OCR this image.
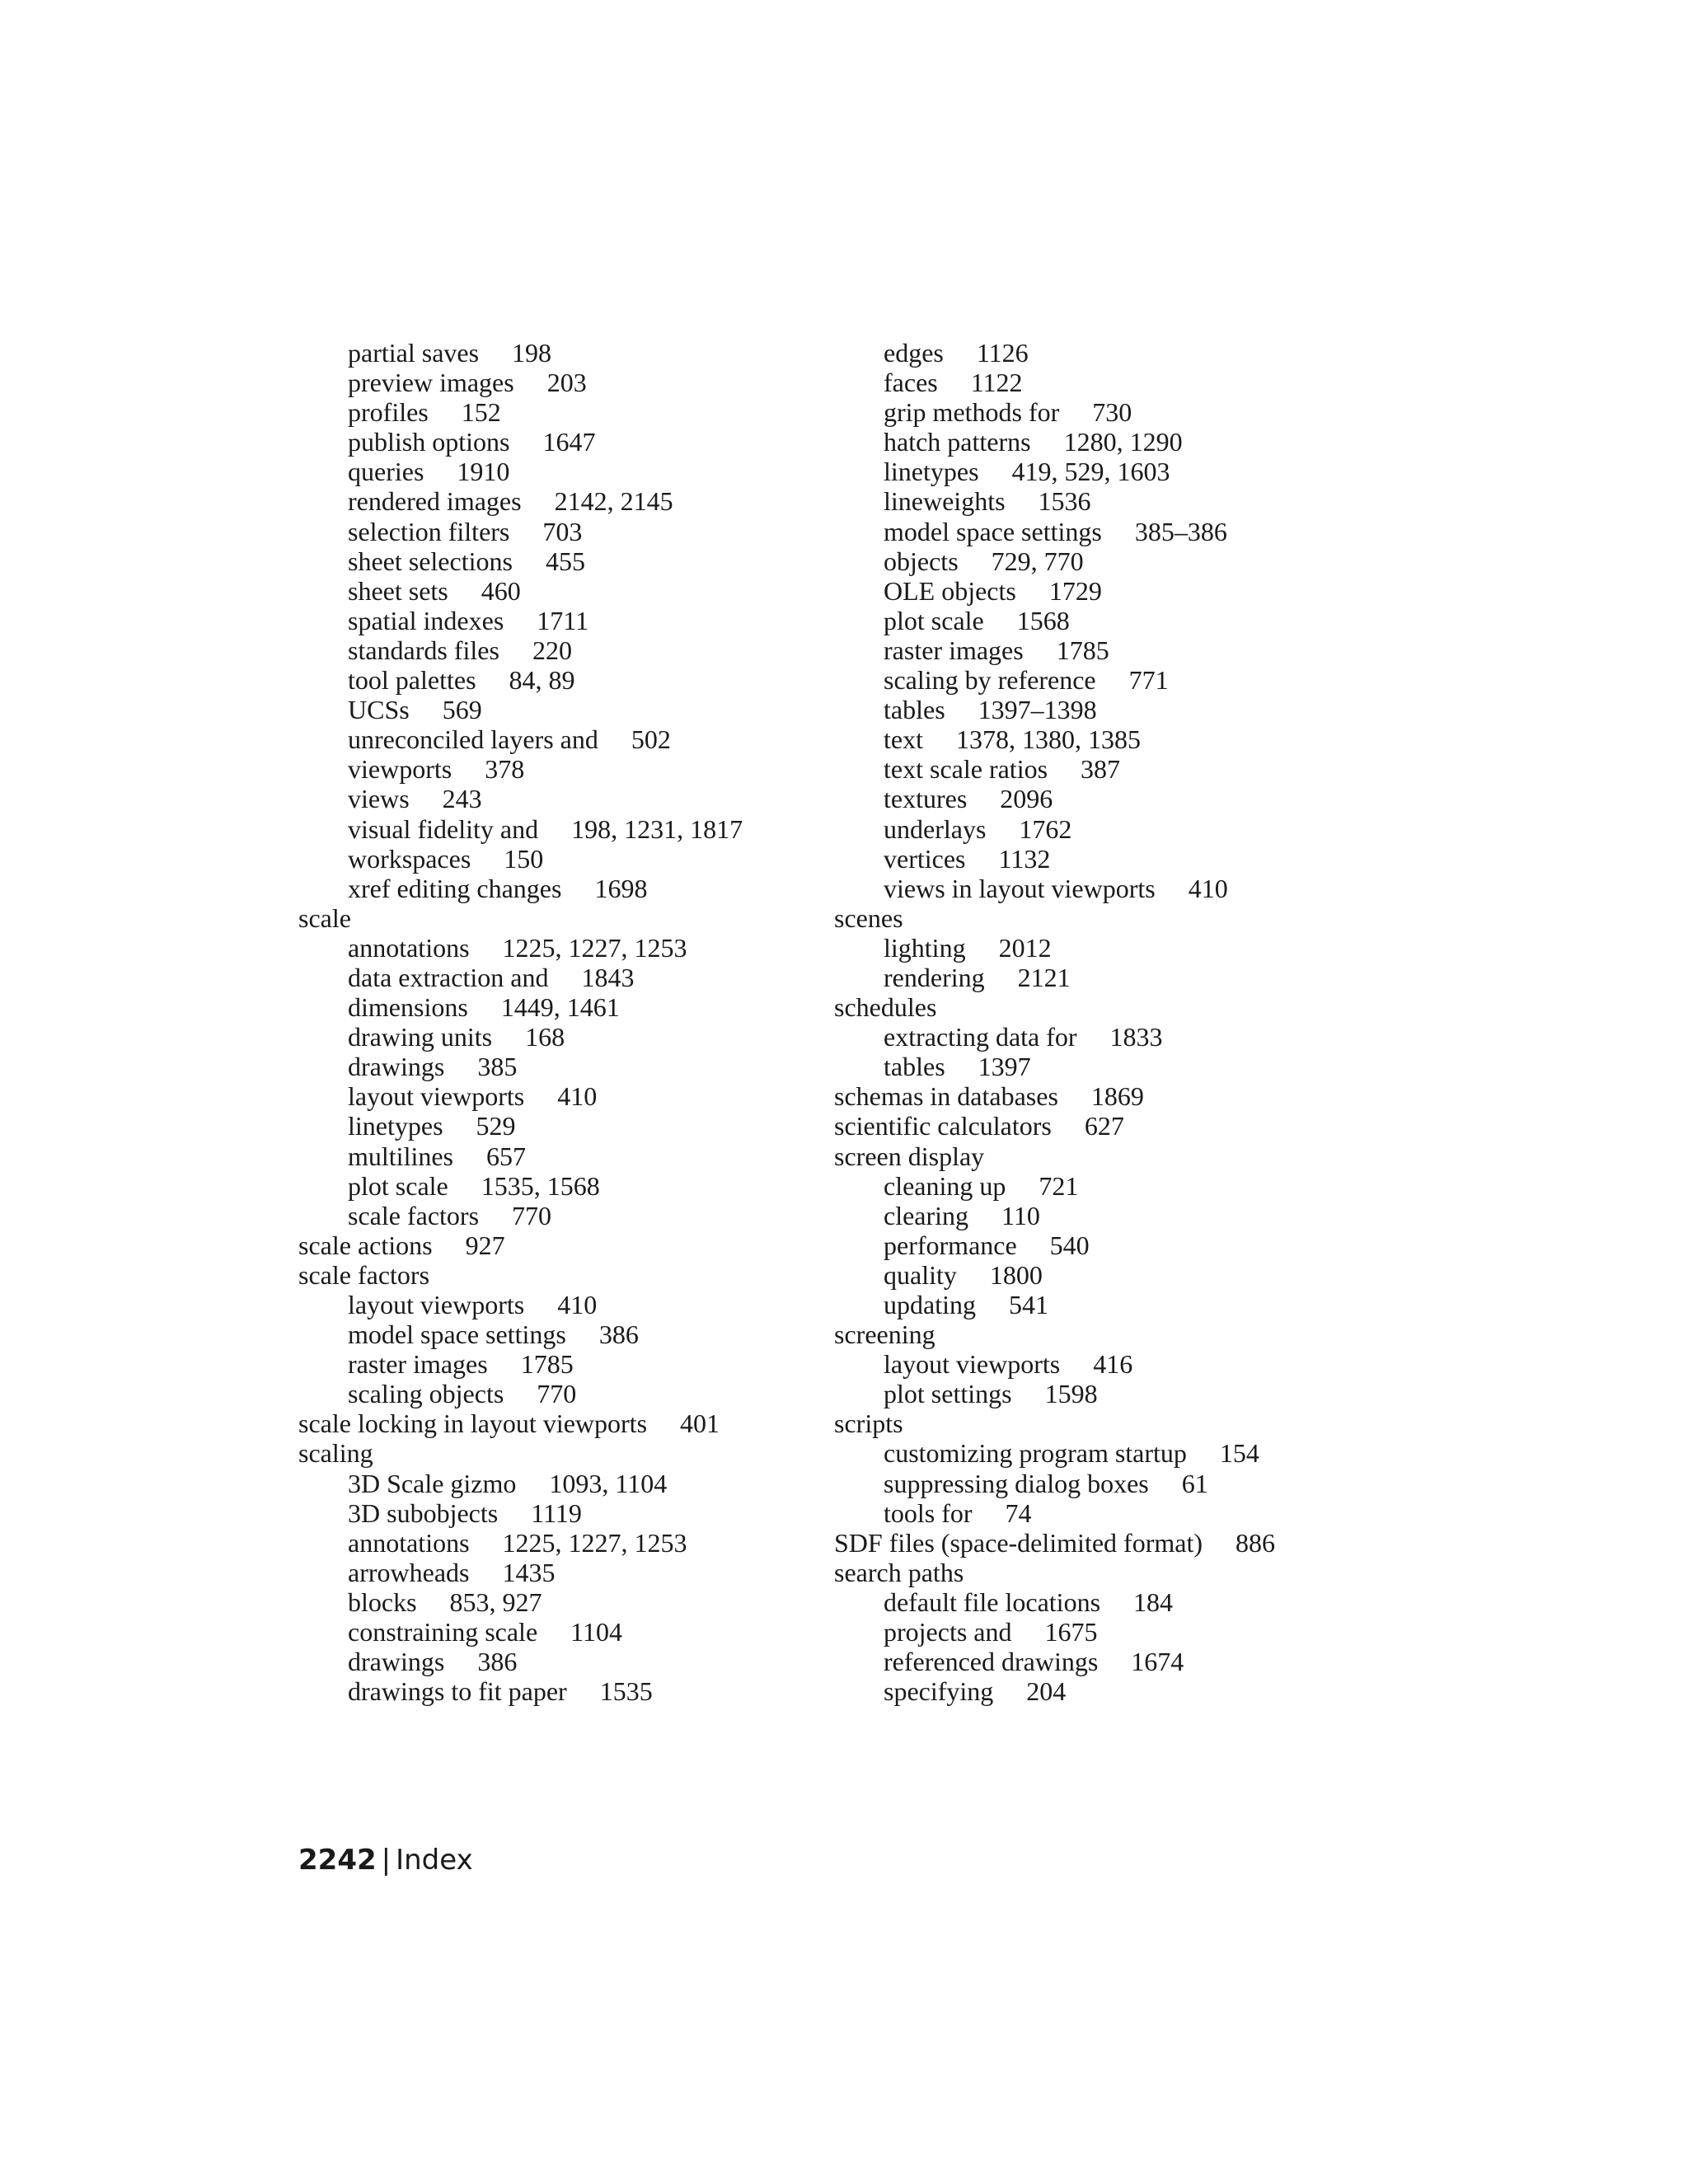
partial saves 198
preview images 203
profiles 152
publish options 1647
queries 1910
rendered images 2142, 2145
selection filters 703
sheet selections 455
sheet sets 460
spatial indexes 1711
standards files 220
tool palettes 84, 89
UCSs 569
unreconciled layers and 502
viewports 378
views 243
visual fidelity and 198, 1231, 1817
workspaces 150
xref editing changes 1698
scale
annotations 1225, 1227, 1253
data extraction and 1843
dimensions 1449, 1461
drawing units 168
drawings 385
layout viewports 410
linetypes 529
multilines 657
plot scale 1535, 1568
scale factors 770
scale actions 927
scale factors
layout viewports 410
model space settings 386
raster images 1785
scaling objects 770
scale locking in layout viewports 401
scaling
3D Scale gizmo 1093, 1104
3D subobjects 1119
annotations 1225, 1227, 1253
arrowheads 1435
blocks 853, 927
constraining scale 1104
drawings 386
drawings to fit paper 1535
edges 1126
faces 1122
grip methods for 730
hatch patterns 1280, 1290
linetypes 419, 529, 1603
lineweights 1536
model space settings 385–386
objects 729, 770
OLE objects 1729
plot scale 1568
raster images 1785
scaling by reference 771
tables 1397–1398
text 1378, 1380, 1385
text scale ratios 387
textures 2096
underlays 1762
vertices 1132
views in layout viewports 410
scenes
lighting 2012
rendering 2121
schedules
extracting data for 1833
tables 1397
schemas in databases 1869
scientific calculators 627
screen display
cleaning up 721
clearing 110
performance 540
quality 1800
updating 541
screening
layout viewports 416
plot settings 1598
scripts
customizing program startup 154
suppressing dialog boxes 61
tools for 74
SDF files (space-delimited format) 886
search paths
default file locations 184
projects and 1675
referenced drawings 1674
specifying 204
2242 | Index
